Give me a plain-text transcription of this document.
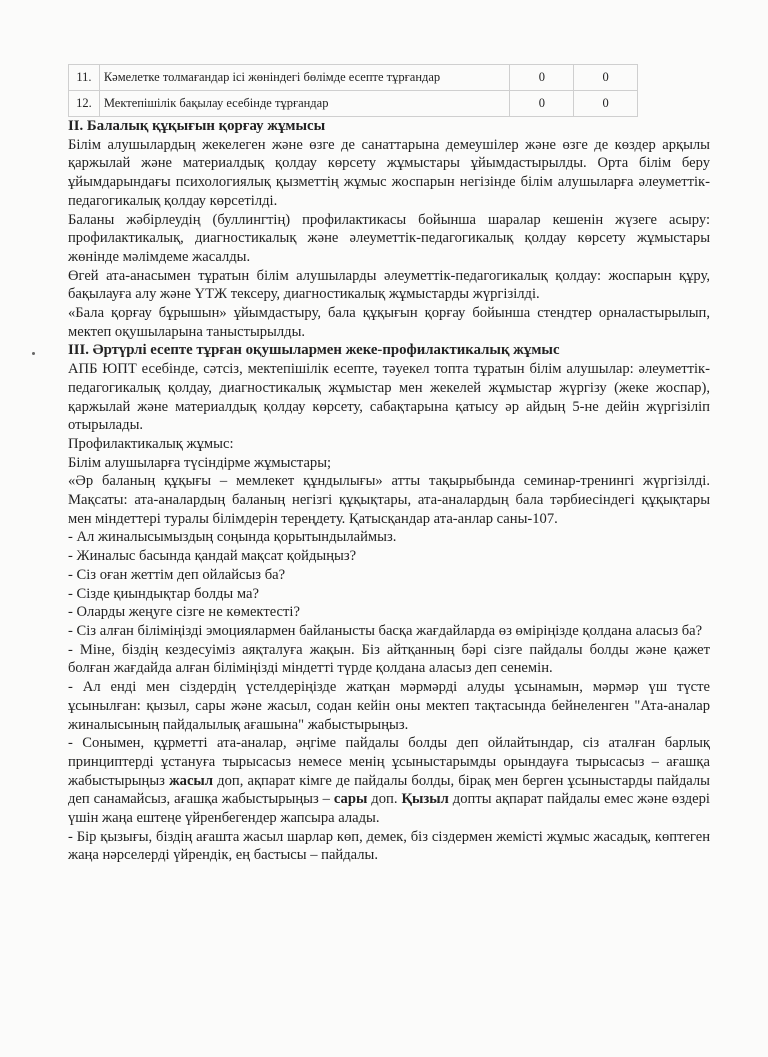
11.	Кәмелетке толмағандар ісі жөніндегі бөлімде есепте тұрғандар	0	0
12.	Мектепішілік бақылау есебінде тұрғандар	0	0
II. Балалық құқығын қорғау жұмысы

Білім алушылардың жекелеген және өзге де санаттарына демеушілер және өзге де көздер арқылы қаржылай және материалдық қолдау көрсету жұмыстары ұйымдастырылды. Орта білім беру ұйымдарындағы психологиялық қызметтің жұмыс жоспарын негізінде білім алушыларға әлеуметтік-педагогикалық қолдау көрсетілді.

Баланы жәбірлеудің (буллингтің) профилактикасы бойынша шаралар кешенін жүзеге асыру: профилактикалық, диагностикалық және әлеуметтік-педагогикалық қолдау көрсету жұмыстары жөнінде мәлімдеме жасалды.

Өгей ата-анасымен тұратын білім алушыларды әлеуметтік-педагогикалық қолдау: жоспарын құру, бақылауға алу және ҮТЖ тексеру, диагностикалық жұмыстарды жүргізілді.

«Бала қорғау бұрышын» ұйымдастыру, бала құқығын қорғау бойынша стендтер орналастырылып, мектеп оқушыларына таныстырылды.

III. Әртүрлі есепте тұрған оқушылармен жеке-профилактикалық жұмыс

АПБ ЮПТ есебінде, сәтсіз, мектепішілік есепте, тәуекел топта тұратын білім алушылар: әлеуметтік-педагогикалық қолдау, диагностикалық жұмыстар мен жекелей жұмыстар жүргізу (жеке жоспар), қаржылай және материалдық қолдау көрсету, сабақтарына қатысу әр айдың 5-не дейін жүргізіліп отырылады.

Профилактикалық жұмыс:

Білім алушыларға түсіндірме жұмыстары;

«Әр баланың құқығы – мемлекет құндылығы» атты тақырыбында семинар-тренингі жүргізілді. Мақсаты: ата-аналардың баланың негізгі құқықтары, ата-аналардың бала тәрбиесіндегі құқықтары мен міндеттері туралы білімдерін тереңдету. Қатысқандар ата-анлар саны-107.

- Ал жиналысымыздың соңында қорытындылаймыз.

- Жиналыс басында қандай мақсат қойдыңыз?

- Сіз оған жеттім деп ойлайсыз ба?

- Сізде қиындықтар болды ма?

- Оларды жеңуге сізге не көмектесті?

- Сіз алған біліміңізді эмоциялармен байланысты басқа жағдайларда өз өміріңізде қолдана аласыз ба?

- Міне, біздің кездесуіміз аяқталуға жақын. Біз айтқанның бәрі сізге пайдалы болды және қажет болған жағдайда алған біліміңізді міндетті түрде қолдана аласыз деп сенемін.

- Ал енді мен сіздердің үстелдеріңізде жатқан мәрмәрді алуды ұсынамын, мәрмәр үш түсте ұсынылған: қызыл, сары және жасыл, содан кейін оны мектеп тақтасында бейнеленген "Ата-аналар жиналысының пайдалылық ағашына" жабыстырыңыз.

- Сонымен, құрметті ата-аналар, әңгіме пайдалы болды деп ойлайтындар, сіз аталған барлық принциптерді ұстануға тырысасыз немесе менің ұсыныстарымды орындауға тырысасыз – ағашқа жабыстырыңыз жасыл доп, ақпарат кімге де пайдалы болды, бірақ мен берген ұсыныстарды пайдалы деп санамайсыз, ағашқа жабыстырыңыз – сары доп. Қызыл допты ақпарат пайдалы емес және өздері үшін жаңа ештеңе үйренбегендер жапсыра алады.

- Бір қызығы, біздің ағашта жасыл шарлар көп, демек, біз сіздермен жемісті жұмыс жасадық, көптеген жаңа нәрселерді үйрендік, ең бастысы – пайдалы.
